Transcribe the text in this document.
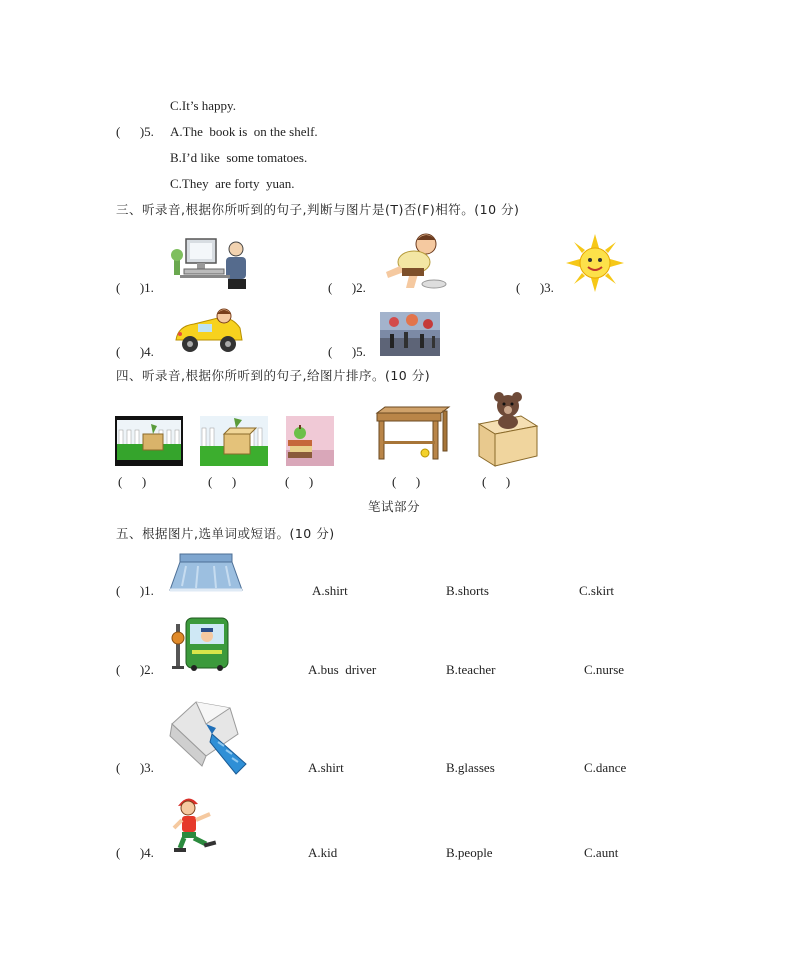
C.It’s happy.
(      )5. A.The  book is  on the shelf.
B.I’d like  some tomatoes.
C.They  are forty  yuan.
三、听录音,根据你所听到的句子,判断与图片是(T)否(F)相符。(10 分)
(      )1.	(      )2.	(      )3.
(      )4.	(      )5.
四、听录音,根据你所听到的句子,给图片排序。(10 分)
(      )	(      )	(      )	(      )	(      )
笔试部分
五、根据图片,选单词或短语。(10 分)
(      )1.	A.shirt	B.shorts	C.skirt
(      )2.	A.bus  driver	B.teacher	C.nurse
(      )3.	A.shirt	B.glasses	C.dance
(      )4.	A.kid	B.people	C.aunt
